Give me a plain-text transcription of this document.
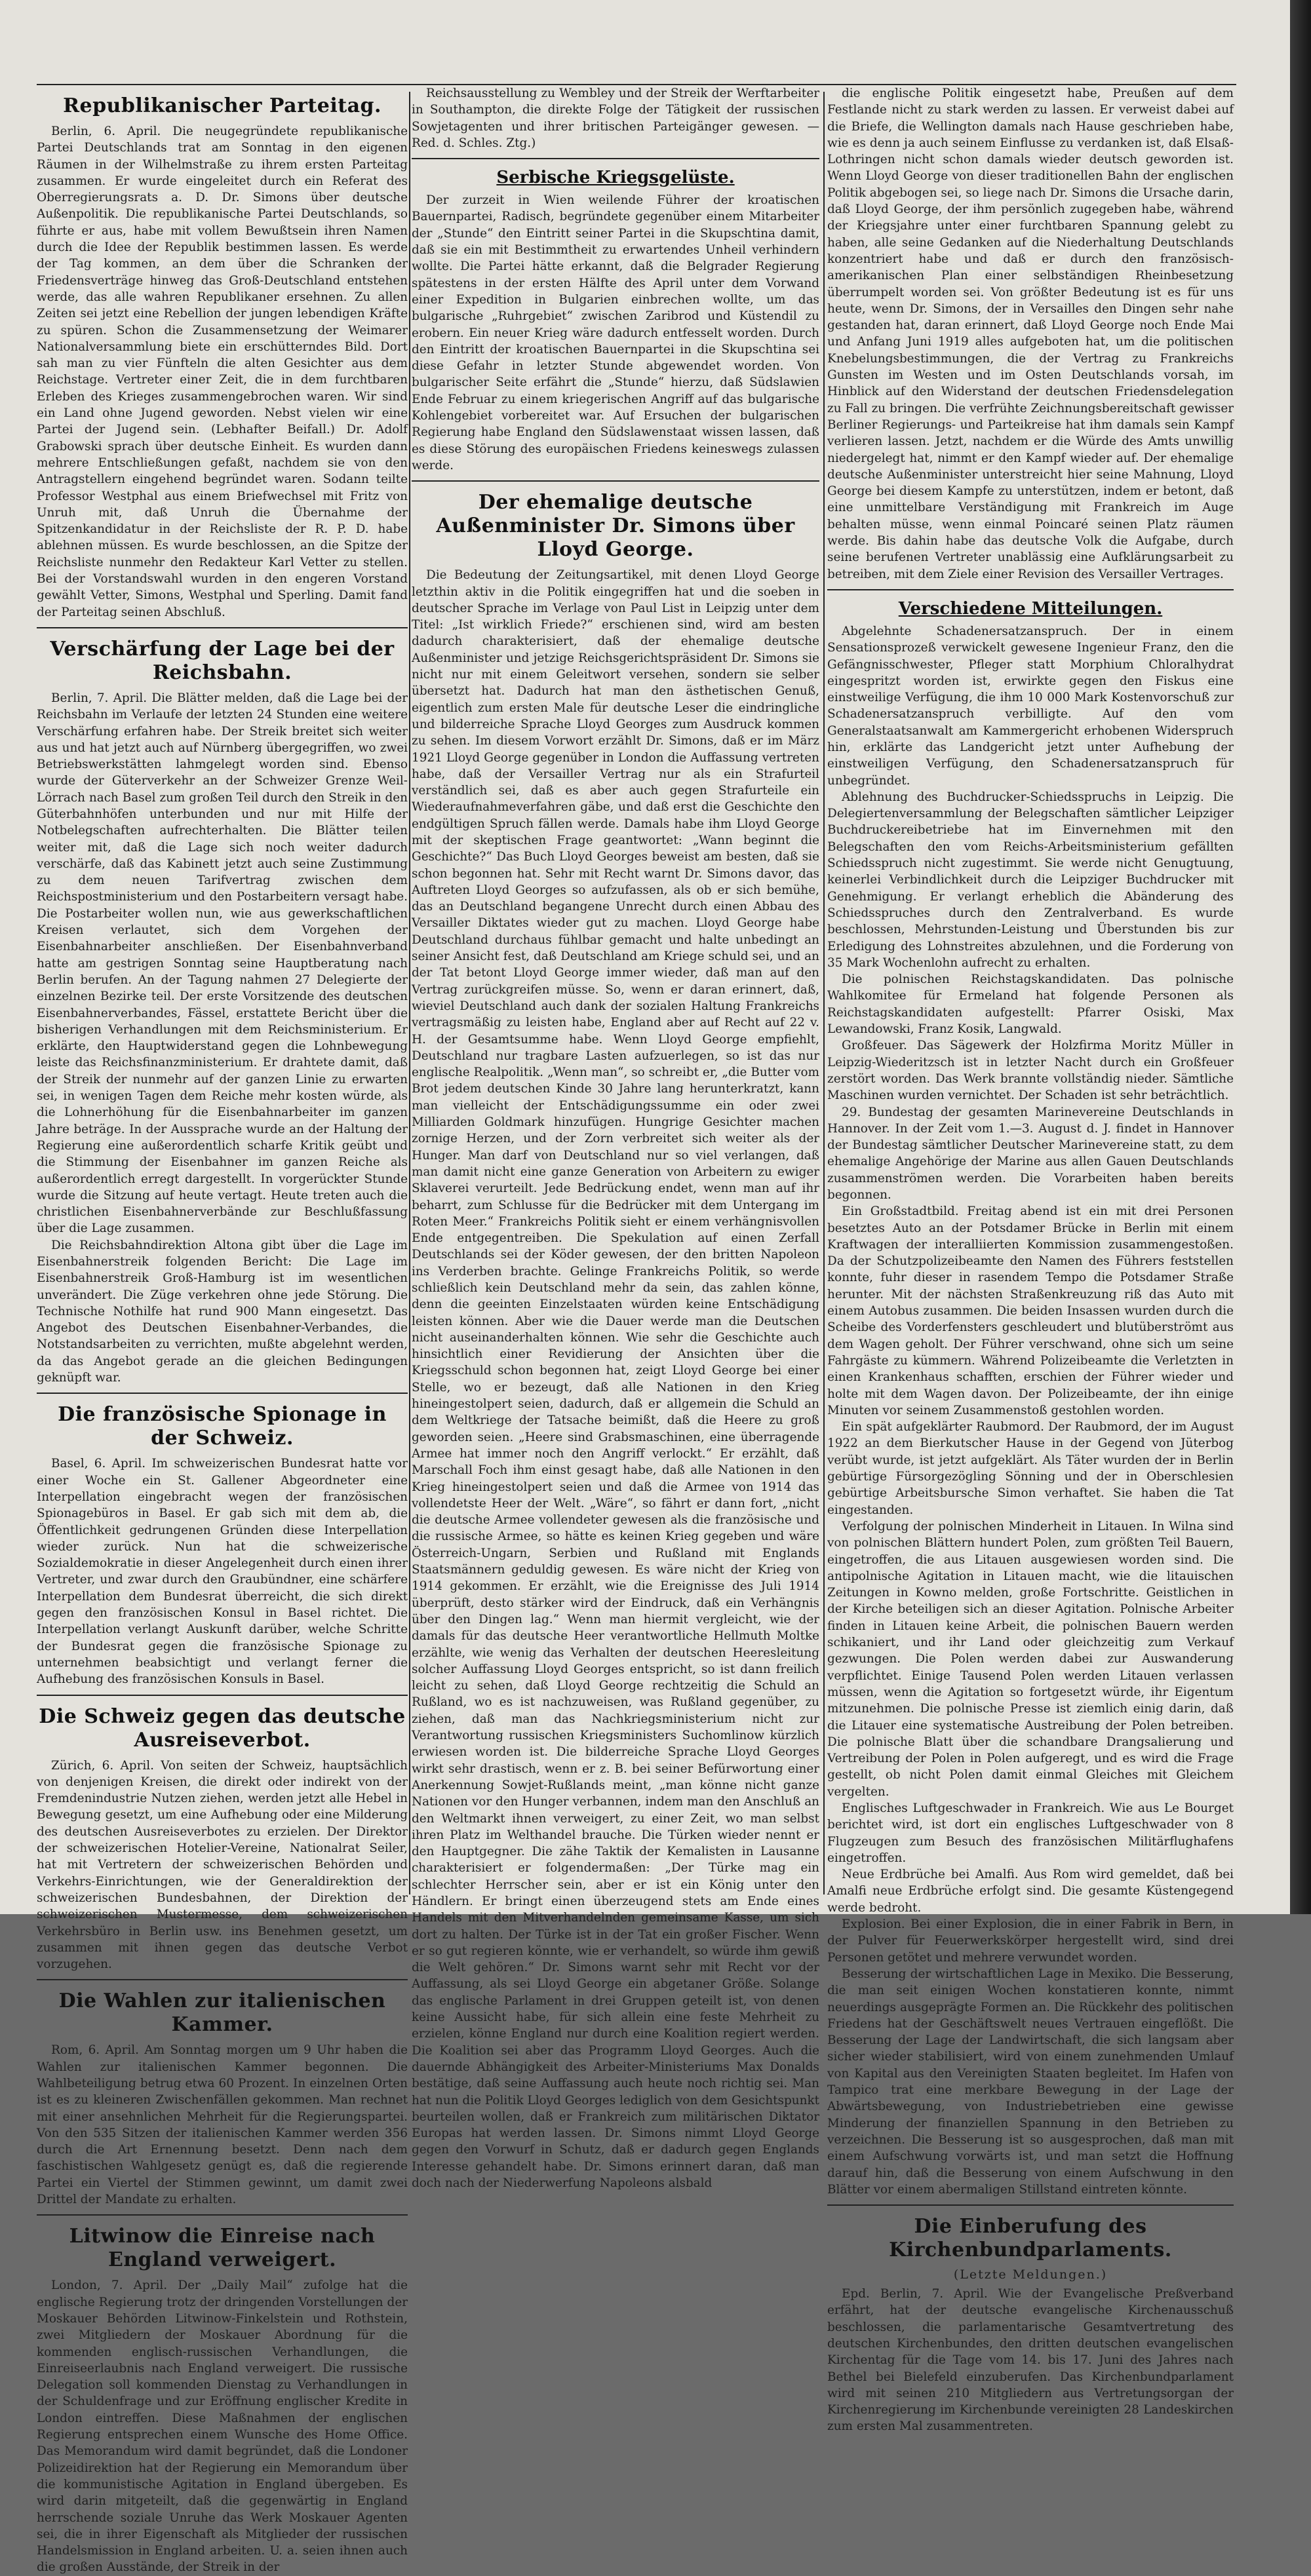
Republikanischer Parteitag.

Berlin, 6. April. Die neugegründete republikanische Partei Deutschlands trat am Sonntag in den eigenen Räumen in der Wilhelmstraße zu ihrem ersten Parteitag zusammen. Er wurde eingeleitet durch ein Referat des Oberregierungsrats a. D. Dr. Simons über deutsche Außenpolitik. Die republikanische Partei Deutschlands, so führte er aus, habe mit vollem Bewußtsein ihren Namen durch die Idee der Republik bestimmen lassen. Es werde der Tag kommen, an dem über die Schranken der Friedensverträge hinweg das Groß-Deutschland entstehen werde, das alle wahren Republikaner ersehnen. Zu allen Zeiten sei jetzt eine Rebellion der jungen lebendigen Kräfte zu spüren. Schon die Zusammensetzung der Weimarer Nationalversammlung biete ein erschütterndes Bild. Dort sah man zu vier Fünfteln die alten Gesichter aus dem Reichstage. Vertreter einer Zeit, die in dem furchtbaren Erleben des Krieges zusammengebrochen waren. Wir sind ein Land ohne Jugend geworden. Nebst vielen wir eine Partei der Jugend sein. (Lebhafter Beifall.) Dr. Adolf Grabowski sprach über deutsche Einheit. Es wurden dann mehrere Entschließungen gefaßt, nachdem sie von den Antragstellern eingehend begründet waren. Sodann teilte Professor Westphal aus einem Briefwechsel mit Fritz von Unruh mit, daß Unruh die Übernahme der Spitzenkandidatur in der Reichsliste der R. P. D. habe ablehnen müssen. Es wurde beschlossen, an die Spitze der Reichsliste nunmehr den Redakteur Karl Vetter zu stellen. Bei der Vorstandswahl wurden in den engeren Vorstand gewählt Vetter, Simons, Westphal und Sperling. Damit fand der Parteitag seinen Abschluß.

Verschärfung der Lage bei der Reichsbahn.

Berlin, 7. April. Die Blätter melden, daß die Lage bei der Reichsbahn im Verlaufe der letzten 24 Stunden eine weitere Verschärfung erfahren habe. Der Streik breitet sich weiter aus und hat jetzt auch auf Nürnberg übergegriffen, wo zwei Betriebswerkstätten lahmgelegt worden sind. Ebenso wurde der Güterverkehr an der Schweizer Grenze Weil-Lörrach nach Basel zum großen Teil durch den Streik in den Güterbahnhöfen unterbunden und nur mit Hilfe der Notbelegschaften aufrechterhalten. Die Blätter teilen weiter mit, daß die Lage sich noch weiter dadurch verschärfe, daß das Kabinett jetzt auch seine Zustimmung zu dem neuen Tarifvertrag zwischen dem Reichspostministerium und den Postarbeitern versagt habe. Die Postarbeiter wollen nun, wie aus gewerkschaftlichen Kreisen verlautet, sich dem Vorgehen der Eisenbahnarbeiter anschließen. Der Eisenbahnverband hatte am gestrigen Sonntag seine Hauptberatung nach Berlin berufen. An der Tagung nahmen 27 Delegierte der einzelnen Bezirke teil. Der erste Vorsitzende des deutschen Eisenbahnerverbandes, Fässel, erstattete Bericht über die bisherigen Verhandlungen mit dem Reichsministerium. Er erklärte, den Hauptwiderstand gegen die Lohnbewegung leiste das Reichsfinanzministerium. Er drahtete damit, daß der Streik der nunmehr auf der ganzen Linie zu erwarten sei, in wenigen Tagen dem Reiche mehr kosten würde, als die Lohnerhöhung für die Eisenbahnarbeiter im ganzen Jahre beträge. In der Aussprache wurde an der Haltung der Regierung eine außerordentlich scharfe Kritik geübt und die Stimmung der Eisenbahner im ganzen Reiche als außerordentlich erregt dargestellt. In vorgerückter Stunde wurde die Sitzung auf heute vertagt. Heute treten auch die christlichen Eisenbahnerverbände zur Beschlußfassung über die Lage zusammen.

Die Reichsbahndirektion Altona gibt über die Lage im Eisenbahnerstreik folgenden Bericht: Die Lage im Eisenbahnerstreik Groß-Hamburg ist im wesentlichen unverändert. Die Züge verkehren ohne jede Störung. Die Technische Nothilfe hat rund 900 Mann eingesetzt. Das Angebot des Deutschen Eisenbahner-Verbandes, die Notstandsarbeiten zu verrichten, mußte abgelehnt werden, da das Angebot gerade an die gleichen Bedingungen geknüpft war.

Die französische Spionage in der Schweiz.

Basel, 6. April. Im schweizerischen Bundesrat hatte vor einer Woche ein St. Gallener Abgeordneter eine Interpellation eingebracht wegen der französischen Spionagebüros in Basel. Er gab sich mit dem ab, die Öffentlichkeit gedrungenen Gründen diese Interpellation wieder zurück. Nun hat die schweizerische Sozialdemokratie in dieser Angelegenheit durch einen ihrer Vertreter, und zwar durch den Graubündner, eine schärfere Interpellation dem Bundesrat überreicht, die sich direkt gegen den französischen Konsul in Basel richtet. Die Interpellation verlangt Auskunft darüber, welche Schritte der Bundesrat gegen die französische Spionage zu unternehmen beabsichtigt und verlangt ferner die Aufhebung des französischen Konsuls in Basel.

Die Schweiz gegen das deutsche Ausreiseverbot.

Zürich, 6. April. Von seiten der Schweiz, hauptsächlich von denjenigen Kreisen, die direkt oder indirekt von der Fremdenindustrie Nutzen ziehen, werden jetzt alle Hebel in Bewegung gesetzt, um eine Aufhebung oder eine Milderung des deutschen Ausreiseverbotes zu erzielen. Der Direktor der schweizerischen Hotelier-Vereine, Nationalrat Seiler, hat mit Vertretern der schweizerischen Behörden und Verkehrs-Einrichtungen, wie der Generaldirektion der schweizerischen Bundesbahnen, der Direktion der schweizerischen Mustermesse, dem schweizerischen Verkehrsbüro in Berlin usw. ins Benehmen gesetzt, um zusammen mit ihnen gegen das deutsche Verbot vorzugehen.

Die Wahlen zur italienischen Kammer.

Rom, 6. April. Am Sonntag morgen um 9 Uhr haben die Wahlen zur italienischen Kammer begonnen. Die Wahlbeteiligung betrug etwa 60 Prozent. In einzelnen Orten ist es zu kleineren Zwischenfällen gekommen. Man rechnet mit einer ansehnlichen Mehrheit für die Regierungspartei. Von den 535 Sitzen der italienischen Kammer werden 356 durch die Art Ernennung besetzt. Denn nach dem faschistischen Wahlgesetz genügt es, daß die regierende Partei ein Viertel der Stimmen gewinnt, um damit zwei Drittel der Mandate zu erhalten.

Litwinow die Einreise nach England verweigert.

London, 7. April. Der „Daily Mail“ zufolge hat die englische Regierung trotz der dringenden Vorstellungen der Moskauer Behörden Litwinow-Finkelstein und Rothstein, zwei Mitgliedern der Moskauer Abordnung für die kommenden englisch-russischen Verhandlungen, die Einreiseerlaubnis nach England verweigert. Die russische Delegation soll kommenden Dienstag zu Verhandlungen in der Schuldenfrage und zur Eröffnung englischer Kredite in London eintreffen. Diese Maßnahmen der englischen Regierung entsprechen einem Wunsche des Home Office. Das Memorandum wird damit begründet, daß die Londoner Polizeidirektion hat der Regierung ein Memorandum über die kommunistische Agitation in England übergeben. Es wird darin mitgeteilt, daß die gegenwärtig in England herrschende soziale Unruhe das Werk Moskauer Agenten sei, die in ihrer Eigenschaft als Mitglieder der russischen Handelsmission in England arbeiten. U. a. seien ihnen auch die großen Ausstände, der Streik in der

Reichsausstellung zu Wembley und der Streik der Werftarbeiter in Southampton, die direkte Folge der Tätigkeit der russischen Sowjetagenten und ihrer britischen Parteigänger gewesen. — Red. d. Schles. Ztg.)

Serbische Kriegsgelüste.

Der zurzeit in Wien weilende Führer der kroatischen Bauernpartei, Radisch, begründete gegenüber einem Mitarbeiter der „Stunde“ den Eintritt seiner Partei in die Skupschtina damit, daß sie ein mit Bestimmtheit zu erwartendes Unheil verhindern wollte. Die Partei hätte erkannt, daß die Belgrader Regierung spätestens in der ersten Hälfte des April unter dem Vorwand einer Expedition in Bulgarien einbrechen wollte, um das bulgarische „Ruhrgebiet“ zwischen Zaribrod und Küstendil zu erobern. Ein neuer Krieg wäre dadurch entfesselt worden. Durch den Eintritt der kroatischen Bauernpartei in die Skupschtina sei diese Gefahr in letzter Stunde abgewendet worden. Von bulgarischer Seite erfährt die „Stunde“ hierzu, daß Südslawien Ende Februar zu einem kriegerischen Angriff auf das bulgarische Kohlengebiet vorbereitet war. Auf Ersuchen der bulgarischen Regierung habe England den Südslawenstaat wissen lassen, daß es diese Störung des europäischen Friedens keineswegs zulassen werde.

Der ehemalige deutsche Außenminister Dr. Simons über Lloyd George.

Die Bedeutung der Zeitungsartikel, mit denen Lloyd George letzthin aktiv in die Politik eingegriffen hat und die soeben in deutscher Sprache im Verlage von Paul List in Leipzig unter dem Titel: „Ist wirklich Friede?“ erschienen sind, wird am besten dadurch charakterisiert, daß der ehemalige deutsche Außenminister und jetzige Reichsgerichtspräsident Dr. Simons sie nicht nur mit einem Geleitwort versehen, sondern sie selber übersetzt hat. Dadurch hat man den ästhetischen Genuß, eigentlich zum ersten Male für deutsche Leser die eindringliche und bilderreiche Sprache Lloyd Georges zum Ausdruck kommen zu sehen. Im diesem Vorwort erzählt Dr. Simons, daß er im März 1921 Lloyd George gegenüber in London die Auffassung vertreten habe, daß der Versailler Vertrag nur als ein Strafurteil verständlich sei, daß es aber auch gegen Strafurteile ein Wiederaufnahmeverfahren gäbe, und daß erst die Geschichte den endgültigen Spruch fällen werde. Damals habe ihm Lloyd George mit der skeptischen Frage geantwortet: „Wann beginnt die Geschichte?“ Das Buch Lloyd Georges beweist am besten, daß sie schon begonnen hat. Sehr mit Recht warnt Dr. Simons davor, das Auftreten Lloyd Georges so aufzufassen, als ob er sich bemühe, das an Deutschland begangene Unrecht durch einen Abbau des Versailler Diktates wieder gut zu machen. Lloyd George habe Deutschland durchaus fühlbar gemacht und halte unbedingt an seiner Ansicht fest, daß Deutschland am Kriege schuld sei, und an der Tat betont Lloyd George immer wieder, daß man auf den Vertrag zurückgreifen müsse. So, wenn er daran erinnert, daß, wieviel Deutschland auch dank der sozialen Haltung Frankreichs vertragsmäßig zu leisten habe, England aber auf Recht auf 22 v. H. der Gesamtsumme habe. Wenn Lloyd George empfiehlt, Deutschland nur tragbare Lasten aufzuerlegen, so ist das nur englische Realpolitik. „Wenn man“, so schreibt er, „die Butter vom Brot jedem deutschen Kinde 30 Jahre lang herunterkratzt, kann man vielleicht der Entschädigungssumme ein oder zwei Milliarden Goldmark hinzufügen. Hungrige Gesichter machen zornige Herzen, und der Zorn verbreitet sich weiter als der Hunger. Man darf von Deutschland nur so viel verlangen, daß man damit nicht eine ganze Generation von Arbeitern zu ewiger Sklaverei verurteilt. Jede Bedrückung endet, wenn man auf ihr beharrt, zum Schlusse für die Bedrücker mit dem Untergang im Roten Meer.“ Frankreichs Politik sieht er einem verhängnisvollen Ende entgegentreiben. Die Spekulation auf einen Zerfall Deutschlands sei der Köder gewesen, der den britten Napoleon ins Verderben brachte. Gelinge Frankreichs Politik, so werde schließlich kein Deutschland mehr da sein, das zahlen könne, denn die geeinten Einzelstaaten würden keine Entschädigung leisten können. Aber wie die Dauer werde man die Deutschen nicht auseinanderhalten können. Wie sehr die Geschichte auch hinsichtlich einer Revidierung der Ansichten über die Kriegsschuld schon begonnen hat, zeigt Lloyd George bei einer Stelle, wo er bezeugt, daß alle Nationen in den Krieg hineingestolpert seien, dadurch, daß er allgemein die Schuld an dem Weltkriege der Tatsache beimißt, daß die Heere zu groß geworden seien. „Heere sind Grabsmaschinen, eine überragende Armee hat immer noch den Angriff verlockt.“ Er erzählt, daß Marschall Foch ihm einst gesagt habe, daß alle Nationen in den Krieg hineingestolpert seien und daß die Armee von 1914 das vollendetste Heer der Welt. „Wäre“, so fährt er dann fort, „nicht die deutsche Armee vollendeter gewesen als die französische und die russische Armee, so hätte es keinen Krieg gegeben und wäre Österreich-Ungarn, Serbien und Rußland mit Englands Staatsmännern geduldig gewesen. Es wäre nicht der Krieg von 1914 gekommen. Er erzählt, wie die Ereignisse des Juli 1914 überprüft, desto stärker wird der Eindruck, daß ein Verhängnis über den Dingen lag.“ Wenn man hiermit vergleicht, wie der damals für das deutsche Heer verantwortliche Hellmuth Moltke erzählte, wie wenig das Verhalten der deutschen Heeresleitung solcher Auffassung Lloyd Georges entspricht, so ist dann freilich leicht zu sehen, daß Lloyd George rechtzeitig die Schuld an Rußland, wo es ist nachzuweisen, was Rußland gegenüber, zu ziehen, daß man das Nachkriegsministerium nicht zur Verantwortung russischen Kriegsministers Suchomlinow kürzlich erwiesen worden ist. Die bilderreiche Sprache Lloyd Georges wirkt sehr drastisch, wenn er z. B. bei seiner Befürwortung einer Anerkennung Sowjet-Rußlands meint, „man könne nicht ganze Nationen vor den Hunger verbannen, indem man den Anschluß an den Weltmarkt ihnen verweigert, zu einer Zeit, wo man selbst ihren Platz im Welthandel brauche. Die Türken wieder nennt er den Hauptgegner. Die zähe Taktik der Kemalisten in Lausanne charakterisiert er folgendermaßen: „Der Türke mag ein schlechter Herrscher sein, aber er ist ein König unter den Händlern. Er bringt einen überzeugend stets am Ende eines Handels mit den Mitverhandelnden gemeinsame Kasse, um sich dort zu halten. Der Türke ist in der Tat ein großer Fischer. Wenn er so gut regieren könnte, wie er verhandelt, so würde ihm gewiß die Welt gehören.“ Dr. Simons warnt sehr mit Recht vor der Auffassung, als sei Lloyd George ein abgetaner Größe. Solange das englische Parlament in drei Gruppen geteilt ist, von denen keine Aussicht habe, für sich allein eine feste Mehrheit zu erzielen, könne England nur durch eine Koalition regiert werden. Die Koalition sei aber das Programm Lloyd Georges. Auch die dauernde Abhängigkeit des Arbeiter-Ministeriums Max Donalds bestätige, daß seine Auffassung auch heute noch richtig sei. Man hat nun die Politik Lloyd Georges lediglich von dem Gesichtspunkt beurteilen wollen, daß er Frankreich zum militärischen Diktator Europas hat werden lassen. Dr. Simons nimmt Lloyd George gegen den Vorwurf in Schutz, daß er dadurch gegen Englands Interesse gehandelt habe. Dr. Simons erinnert daran, daß man doch nach der Niederwerfung Napoleons alsbald

die englische Politik eingesetzt habe, Preußen auf dem Festlande nicht zu stark werden zu lassen. Er verweist dabei auf die Briefe, die Wellington damals nach Hause geschrieben habe, wie es denn ja auch seinem Einflusse zu verdanken ist, daß Elsaß-Lothringen nicht schon damals wieder deutsch geworden ist. Wenn Lloyd George von dieser traditionellen Bahn der englischen Politik abgebogen sei, so liege nach Dr. Simons die Ursache darin, daß Lloyd George, der ihm persönlich zugegeben habe, während der Kriegsjahre unter einer furchtbaren Spannung gelebt zu haben, alle seine Gedanken auf die Niederhaltung Deutschlands konzentriert habe und daß er durch den französisch-amerikanischen Plan einer selbständigen Rheinbesetzung überrumpelt worden sei. Von größter Bedeutung ist es für uns heute, wenn Dr. Simons, der in Versailles den Dingen sehr nahe gestanden hat, daran erinnert, daß Lloyd George noch Ende Mai und Anfang Juni 1919 alles aufgeboten hat, um die politischen Knebelungsbestimmungen, die der Vertrag zu Frankreichs Gunsten im Westen und im Osten Deutschlands vorsah, im Hinblick auf den Widerstand der deutschen Friedensdelegation zu Fall zu bringen. Die verfrühte Zeichnungsbereitschaft gewisser Berliner Regierungs- und Parteikreise hat ihm damals sein Kampf verlieren lassen. Jetzt, nachdem er die Würde des Amts unwillig niedergelegt hat, nimmt er den Kampf wieder auf. Der ehemalige deutsche Außenminister unterstreicht hier seine Mahnung, Lloyd George bei diesem Kampfe zu unterstützen, indem er betont, daß eine unmittelbare Verständigung mit Frankreich im Auge behalten müsse, wenn einmal Poincaré seinen Platz räumen werde. Bis dahin habe das deutsche Volk die Aufgabe, durch seine berufenen Vertreter unablässig eine Aufklärungsarbeit zu betreiben, mit dem Ziele einer Revision des Versailler Vertrages.

Verschiedene Mitteilungen.

Abgelehnte Schadenersatzanspruch. Der in einem Sensationsprozeß verwickelt gewesene Ingenieur Franz, den die Gefängnisschwester, Pfleger statt Morphium Chloralhydrat eingespritzt worden ist, erwirkte gegen den Fiskus eine einstweilige Verfügung, die ihm 10 000 Mark Kostenvorschuß zur Schadenersatzanspruch verbilligte. Auf den vom Generalstaatsanwalt am Kammergericht erhobenen Widerspruch hin, erklärte das Landgericht jetzt unter Aufhebung der einstweiligen Verfügung, den Schadenersatzanspruch für unbegründet.

Ablehnung des Buchdrucker-Schiedsspruchs in Leipzig. Die Delegiertenversammlung der Belegschaften sämtlicher Leipziger Buchdruckereibetriebe hat im Einvernehmen mit den Belegschaften den vom Reichs-Arbeitsministerium gefällten Schiedsspruch nicht zugestimmt. Sie werde nicht Genugtuung, keinerlei Verbindlichkeit durch die Leipziger Buchdrucker mit Genehmigung. Er verlangt erheblich die Abänderung des Schiedsspruches durch den Zentralverband. Es wurde beschlossen, Mehrstunden-Leistung und Überstunden bis zur Erledigung des Lohnstreites abzulehnen, und die Forderung von 35 Mark Wochenlohn aufrecht zu erhalten.

Die polnischen Reichstagskandidaten. Das polnische Wahlkomitee für Ermeland hat folgende Personen als Reichstagskandidaten aufgestellt: Pfarrer Osiski, Max Lewandowski, Franz Kosik, Langwald.

Großfeuer. Das Sägewerk der Holzfirma Moritz Müller in Leipzig-Wiederitzsch ist in letzter Nacht durch ein Großfeuer zerstört worden. Das Werk brannte vollständig nieder. Sämtliche Maschinen wurden vernichtet. Der Schaden ist sehr beträchtlich.

29. Bundestag der gesamten Marinevereine Deutschlands in Hannover. In der Zeit vom 1.—3. August d. J. findet in Hannover der Bundestag sämtlicher Deutscher Marinevereine statt, zu dem ehemalige Angehörige der Marine aus allen Gauen Deutschlands zusammenströmen werden. Die Vorarbeiten haben bereits begonnen.

Ein Großstadtbild. Freitag abend ist ein mit drei Personen besetztes Auto an der Potsdamer Brücke in Berlin mit einem Kraftwagen der interalliierten Kommission zusammengestoßen. Da der Schutzpolizeibeamte den Namen des Führers feststellen konnte, fuhr dieser in rasendem Tempo die Potsdamer Straße herunter. Mit der nächsten Straßenkreuzung riß das Auto mit einem Autobus zusammen. Die beiden Insassen wurden durch die Scheibe des Vorderfensters geschleudert und blutüberströmt aus dem Wagen geholt. Der Führer verschwand, ohne sich um seine Fahrgäste zu kümmern. Während Polizeibeamte die Verletzten in einen Krankenhaus schafften, erschien der Führer wieder und holte mit dem Wagen davon. Der Polizeibeamte, der ihn einige Minuten vor seinem Zusammenstoß gestohlen worden.

Ein spät aufgeklärter Raubmord. Der Raubmord, der im August 1922 an dem Bierkutscher Hause in der Gegend von Jüterbog verübt wurde, ist jetzt aufgeklärt. Als Täter wurden der in Berlin gebürtige Fürsorgezögling Sönning und der in Oberschlesien gebürtige Arbeitsbursche Simon verhaftet. Sie haben die Tat eingestanden.

Verfolgung der polnischen Minderheit in Litauen. In Wilna sind von polnischen Blättern hundert Polen, zum größten Teil Bauern, eingetroffen, die aus Litauen ausgewiesen worden sind. Die antipolnische Agitation in Litauen macht, wie die litauischen Zeitungen in Kowno melden, große Fortschritte. Geistlichen in der Kirche beteiligen sich an dieser Agitation. Polnische Arbeiter finden in Litauen keine Arbeit, die polnischen Bauern werden schikaniert, und ihr Land oder gleichzeitig zum Verkauf gezwungen. Die Polen werden dabei zur Auswanderung verpflichtet. Einige Tausend Polen werden Litauen verlassen müssen, wenn die Agitation so fortgesetzt würde, ihr Eigentum mitzunehmen. Die polnische Presse ist ziemlich einig darin, daß die Litauer eine systematische Austreibung der Polen betreiben. Die polnische Blatt über die schandbare Drangsalierung und Vertreibung der Polen in Polen aufgeregt, und es wird die Frage gestellt, ob nicht Polen damit einmal Gleiches mit Gleichem vergelten.

Englisches Luftgeschwader in Frankreich. Wie aus Le Bourget berichtet wird, ist dort ein englisches Luftgeschwader von 8 Flugzeugen zum Besuch des französischen Militärflughafens eingetroffen.

Neue Erdbrüche bei Amalfi. Aus Rom wird gemeldet, daß bei Amalfi neue Erdbrüche erfolgt sind. Die gesamte Küstengegend werde bedroht.

Explosion. Bei einer Explosion, die in einer Fabrik in Bern, in der Pulver für Feuerwerkskörper hergestellt wird, sind drei Personen getötet und mehrere verwundet worden.

Besserung der wirtschaftlichen Lage in Mexiko. Die Besserung, die man seit einigen Wochen konstatieren konnte, nimmt neuerdings ausgeprägte Formen an. Die Rückkehr des politischen Friedens hat der Geschäftswelt neues Vertrauen eingeflößt. Die Besserung der Lage der Landwirtschaft, die sich langsam aber sicher wieder stabilisiert, wird von einem zunehmenden Umlauf von Kapital aus den Vereinigten Staaten begleitet. Im Hafen von Tampico trat eine merkbare Bewegung in der Lage der Abwärtsbewegung, von Industriebetrieben eine gewisse Minderung der finanziellen Spannung in den Betrieben zu verzeichnen. Die Besserung ist so ausgesprochen, daß man mit einem Aufschwung vorwärts ist, und man setzt die Hoffnung darauf hin, daß die Besserung von einem Aufschwung in den Blätter vor einem abermaligen Stillstand eintreten könnte.

Die Einberufung des Kirchenbundparlaments.
(Letzte Meldungen.)

Epd. Berlin, 7. April. Wie der Evangelische Preßverband erfährt, hat der deutsche evangelische Kirchenausschuß beschlossen, die parlamentarische Gesamtvertretung des deutschen Kirchenbundes, den dritten deutschen evangelischen Kirchentag für die Tage vom 14. bis 17. Juni des Jahres nach Bethel bei Bielefeld einzuberufen. Das Kirchenbundparlament wird mit seinen 210 Mitgliedern aus Vertretungsorgan der Kirchenregierung im Kirchenbunde vereinigten 28 Landeskirchen zum ersten Mal zusammentreten.
